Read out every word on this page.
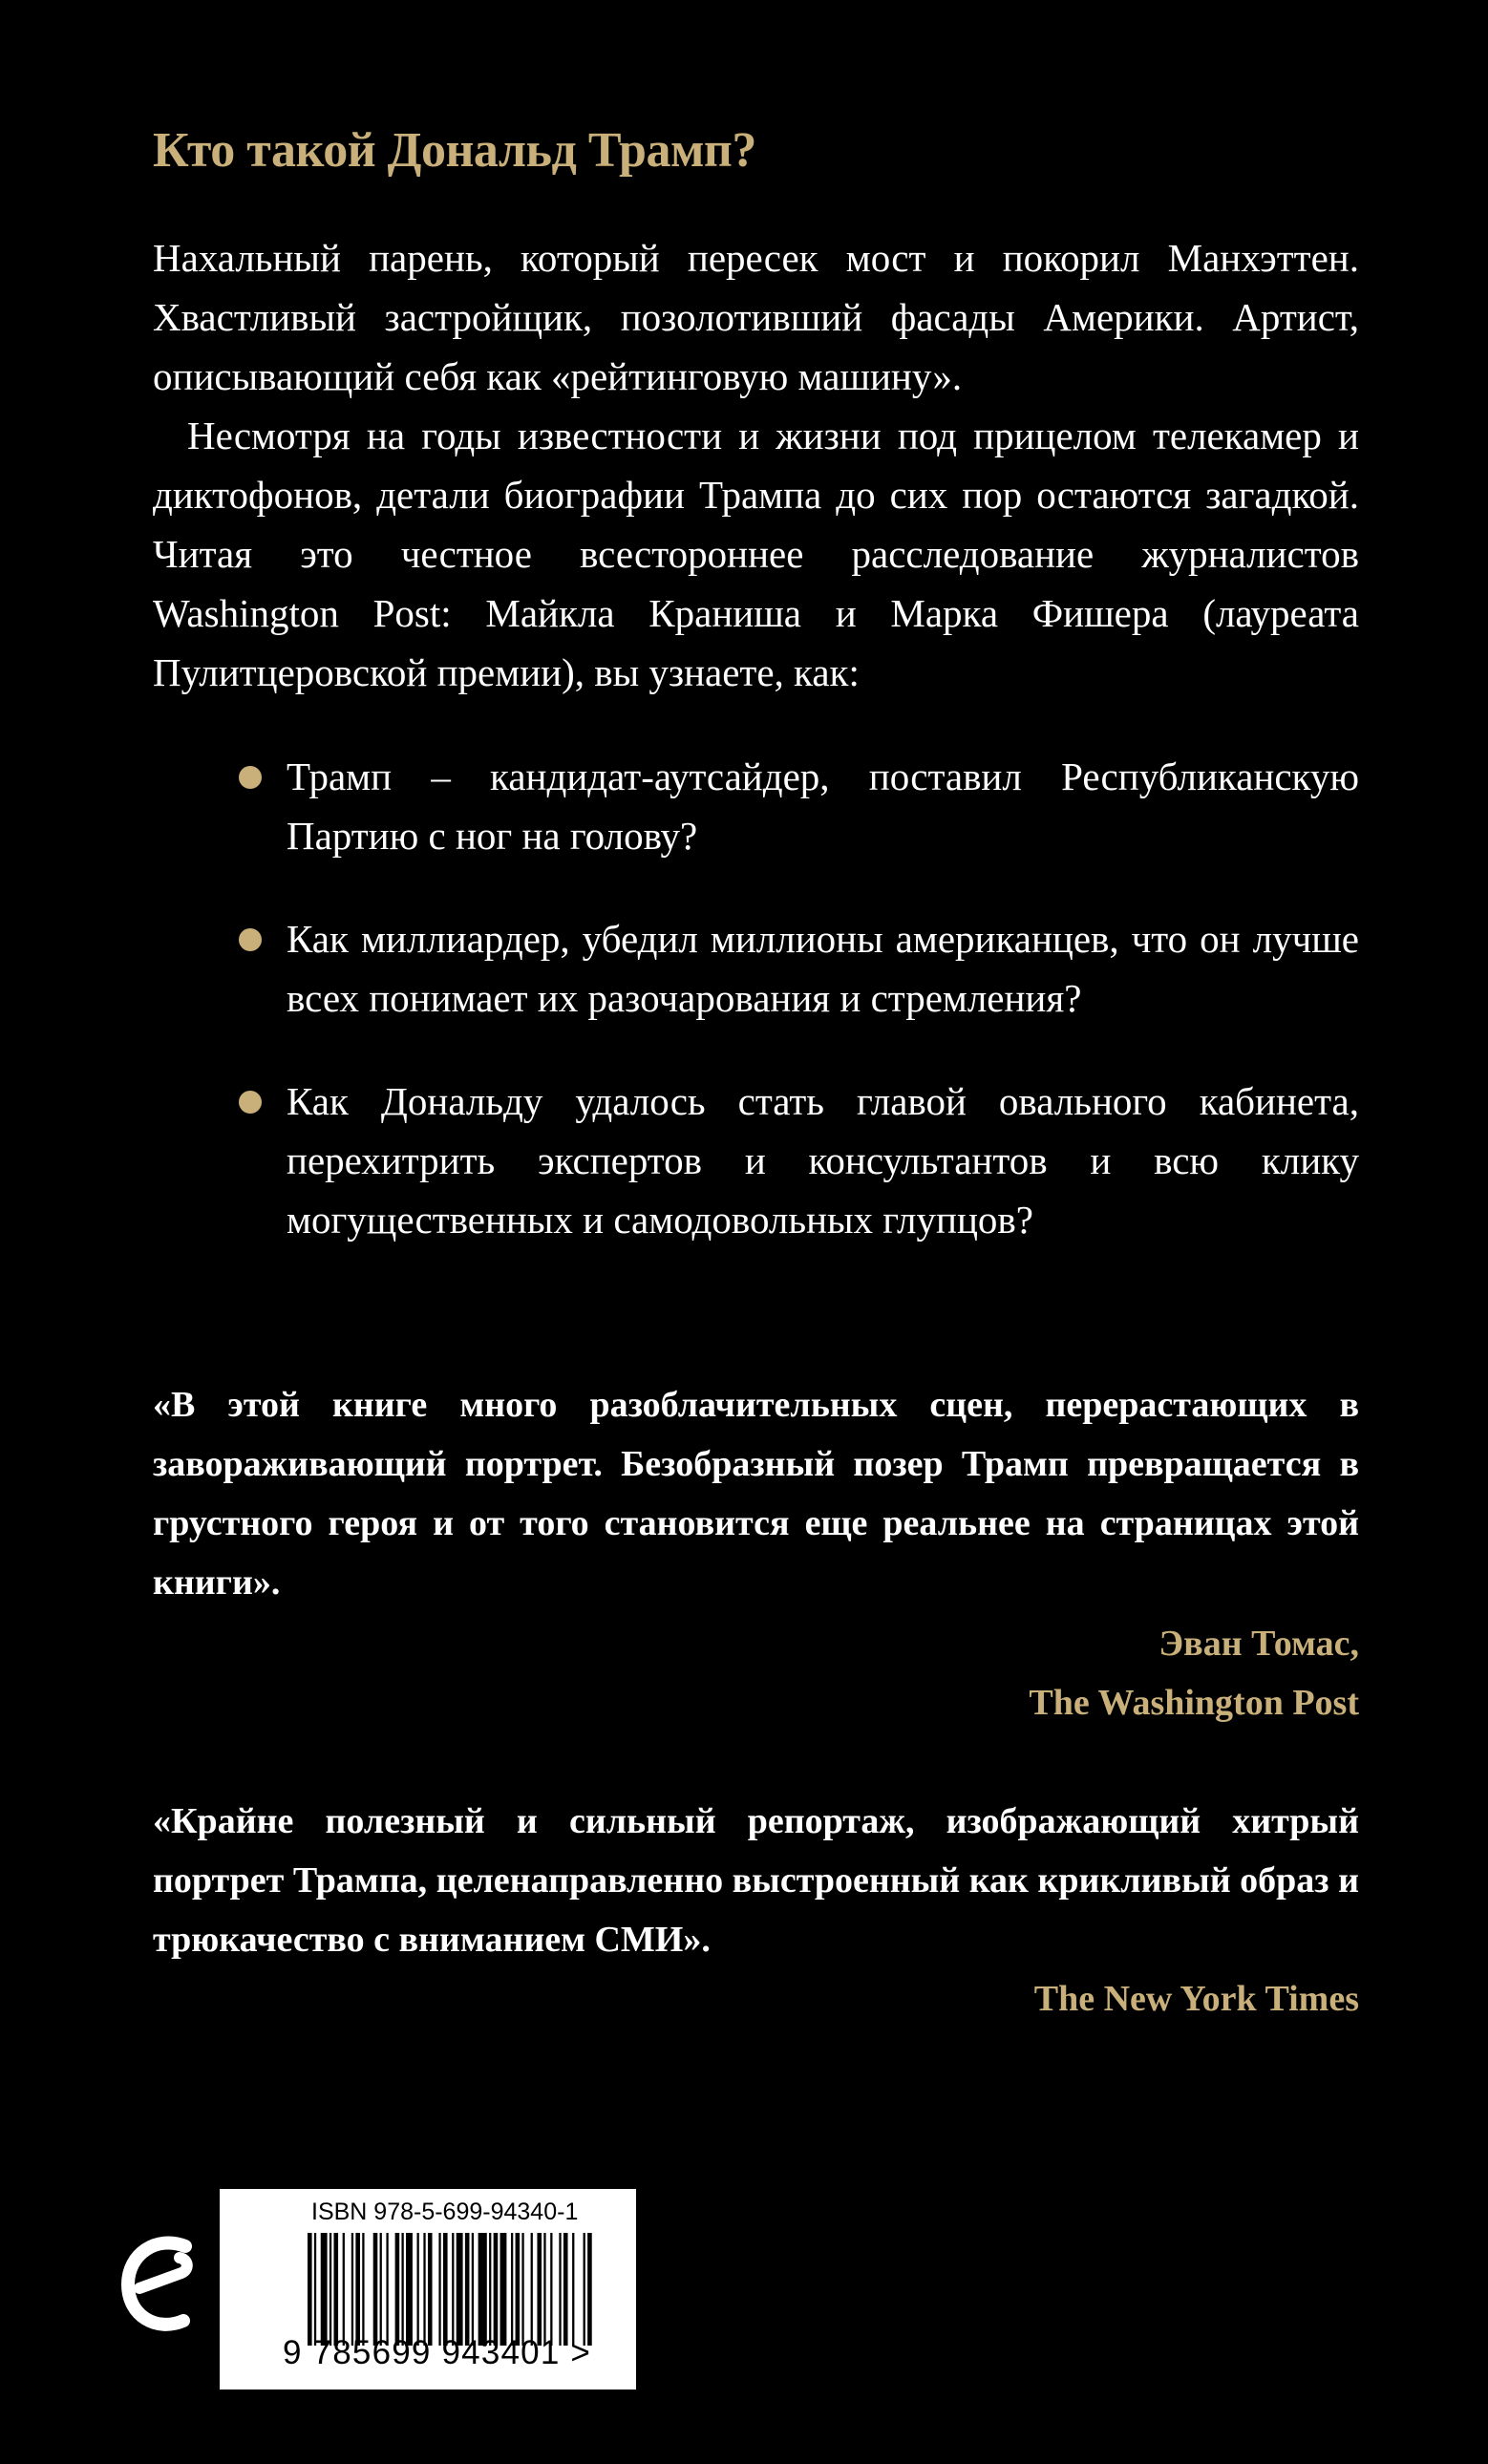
Кто такой Дональд Трамп?

Нахальный парень, который пересек мост и покорил Манхэттен. Хвастливый застройщик, позолотивший фасады Америки. Артист, описывающий себя как «рейтинговую машину».

Несмотря на годы известности и жизни под прицелом телекамер и диктофонов, детали биографии Трампа до сих пор остаются загадкой. Читая это честное всестороннее расследование журналистов Washington Post: Майкла Краниша и Марка Фишера (лауреата Пулитцеровской премии), вы узнаете, как:

Трамп – кандидат-аутсайдер, поставил Республиканскую Партию с ног на голову?
Как миллиардер, убедил миллионы американцев, что он лучше всех понимает их разочарования и стремления?
Как Дональду удалось стать главой овального кабинета, перехитрить экспертов и консультантов и всю клику могущественных и самодовольных глупцов?

«В этой книге много разоблачительных сцен, перерастающих в завораживающий портрет. Безобразный позер Трамп превращается в грустного героя и от того становится еще реальнее на страницах этой книги».

Эван Томас,
The Washington Post

«Крайне полезный и сильный репортаж, изображающий хитрый портрет Трампа, целенаправленно выстроенный как крикливый образ и трюкачество с вниманием СМИ».

The New York Times
ISBN 978-5-699-94340-1
9 785699 943401 >
